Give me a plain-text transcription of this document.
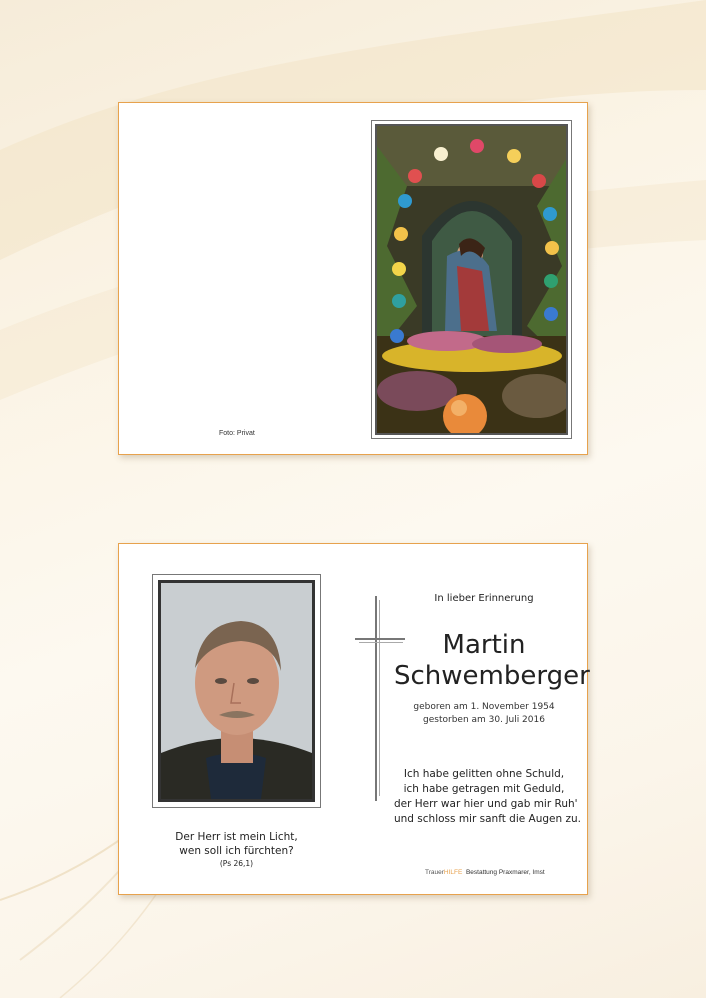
Foto: Privat
Der Herr ist mein Licht,
wen soll ich fürchten?
(Ps 26,1)
In lieber Erinnerung
Martin
Schwemberger
geboren am 1. November 1954
gestorben am 30. Juli 2016
Ich habe gelitten ohne Schuld,
ich habe getragen mit Geduld,
der Herr war hier und gab mir Ruh'
und schloss mir sanft die Augen zu.
TrauerHILFE Bestattung Praxmarer, Imst
